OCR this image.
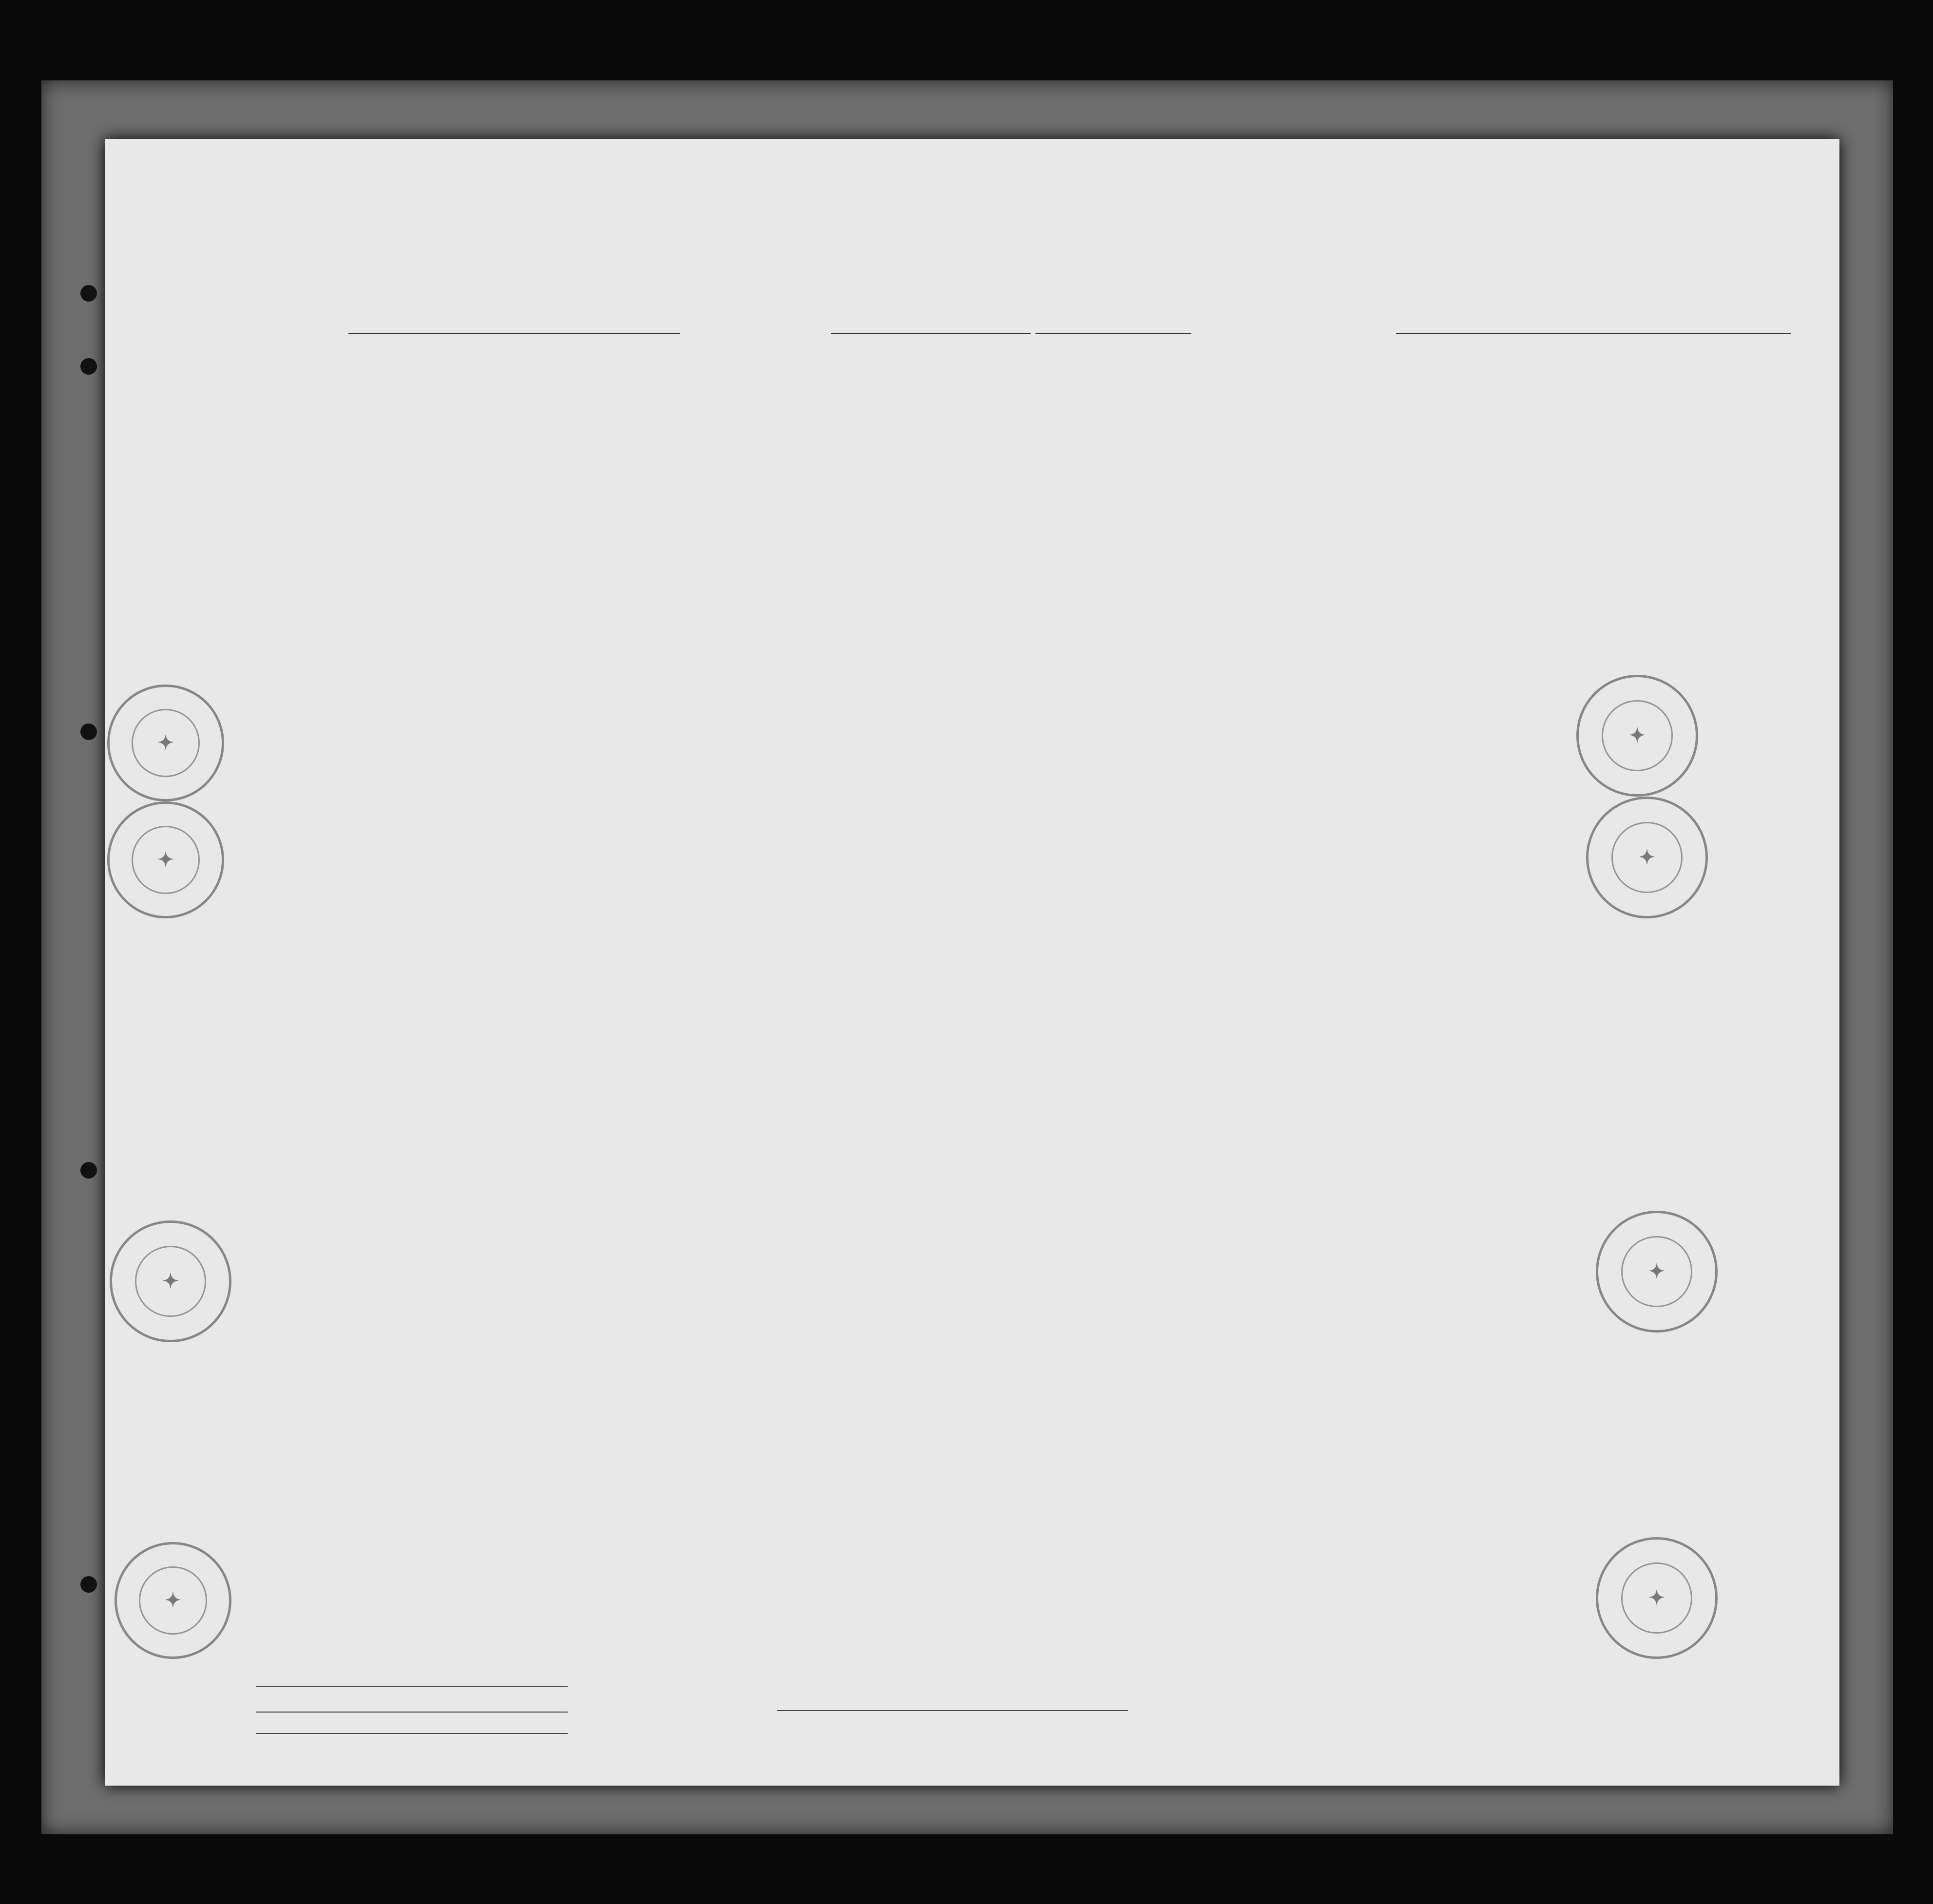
✦
✦
✦
✦
✦	✦
✦	✦
